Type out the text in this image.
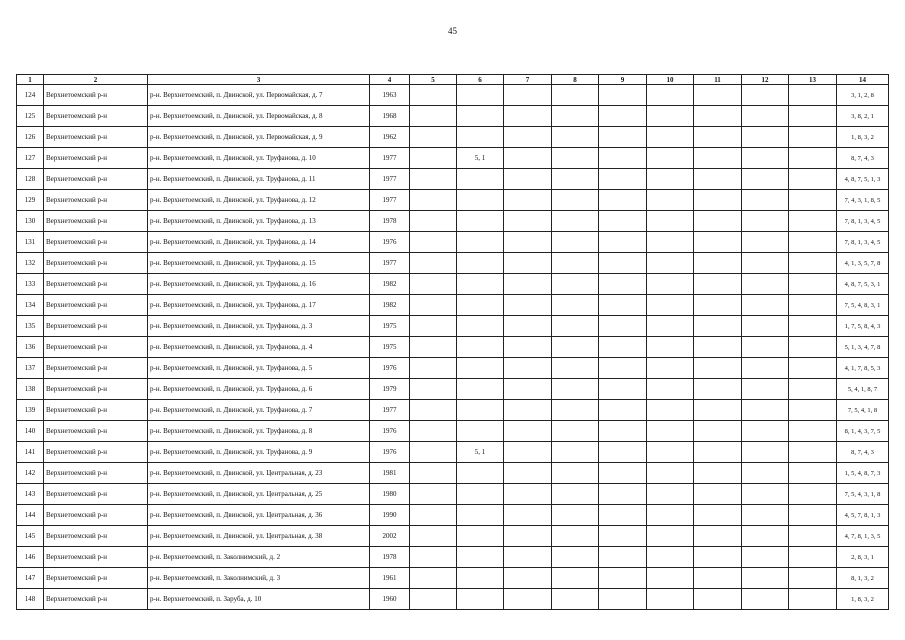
45
1	2	3	4	5	6	7	8	9	10	11	12	13	14
124	Верхнетоемский р-н	р-н. Верхнетоемский, п. Двинской, ул. Первомайская, д. 7	1963										3, 1, 2, 8
125	Верхнетоемский р-н	р-н. Верхнетоемский, п. Двинской, ул. Первомайская, д. 8	1968										3, 8, 2, 1
126	Верхнетоемский р-н	р-н. Верхнетоемский, п. Двинской, ул. Первомайская, д. 9	1962										1, 8, 3, 2
127	Верхнетоемский р-н	р-н. Верхнетоемский, п. Двинской, ул. Труфанова, д. 10	1977		5, 1								8, 7, 4, 3
128	Верхнетоемский р-н	р-н. Верхнетоемский, п. Двинской, ул. Труфанова, д. 11	1977										4, 8, 7, 5, 1, 3
129	Верхнетоемский р-н	р-н. Верхнетоемский, п. Двинской, ул. Труфанова, д. 12	1977										7, 4, 3, 1, 8, 5
130	Верхнетоемский р-н	р-н. Верхнетоемский, п. Двинской, ул. Труфанова, д. 13	1978										7, 8, 1, 3, 4, 5
131	Верхнетоемский р-н	р-н. Верхнетоемский, п. Двинской, ул. Труфанова, д. 14	1976										7, 8, 1, 3, 4, 5
132	Верхнетоемский р-н	р-н. Верхнетоемский, п. Двинской, ул. Труфанова, д. 15	1977										4, 1, 3, 5, 7, 8
133	Верхнетоемский р-н	р-н. Верхнетоемский, п. Двинской, ул. Труфанова, д. 16	1982										4, 8, 7, 5, 3, 1
134	Верхнетоемский р-н	р-н. Верхнетоемский, п. Двинской, ул. Труфанова, д. 17	1982										7, 5, 4, 8, 3, 1
135	Верхнетоемский р-н	р-н. Верхнетоемский, п. Двинской, ул. Труфанова, д. 3	1975										1, 7, 5, 8, 4, 3
136	Верхнетоемский р-н	р-н. Верхнетоемский, п. Двинской, ул. Труфанова, д. 4	1975										5, 1, 3, 4, 7, 8
137	Верхнетоемский р-н	р-н. Верхнетоемский, п. Двинской, ул. Труфанова, д. 5	1976										4, 1, 7, 8, 5, 3
138	Верхнетоемский р-н	р-н. Верхнетоемский, п. Двинской, ул. Труфанова, д. 6	1979										5, 4, 1, 8, 7
139	Верхнетоемский р-н	р-н. Верхнетоемский, п. Двинской, ул. Труфанова, д. 7	1977										7, 5, 4, 1, 8
140	Верхнетоемский р-н	р-н. Верхнетоемский, п. Двинской, ул. Труфанова, д. 8	1976										8, 1, 4, 3, 7, 5
141	Верхнетоемский р-н	р-н. Верхнетоемский, п. Двинской, ул. Труфанова, д. 9	1976		5, 1								8, 7, 4, 3
142	Верхнетоемский р-н	р-н. Верхнетоемский, п. Двинской, ул. Центральная, д. 23	1981										1, 5, 4, 8, 7, 3
143	Верхнетоемский р-н	р-н. Верхнетоемский, п. Двинской, ул. Центральная, д. 25	1980										7, 5, 4, 3, 1, 8
144	Верхнетоемский р-н	р-н. Верхнетоемский, п. Двинской, ул. Центральная, д. 36	1990										4, 5, 7, 8, 1, 3
145	Верхнетоемский р-н	р-н. Верхнетоемский, п. Двинской, ул. Центральная, д. 38	2002										4, 7, 8, 1, 3, 5
146	Верхнетоемский р-н	р-н. Верхнетоемский, п. Заколнимский, д. 2	1978										2, 8, 3, 1
147	Верхнетоемский р-н	р-н. Верхнетоемский, п. Заколнимский, д. 3	1961										8, 1, 3, 2
148	Верхнетоемский р-н	р-н. Верхнетоемский, п. Заруба, д. 10	1960										1, 8, 3, 2
